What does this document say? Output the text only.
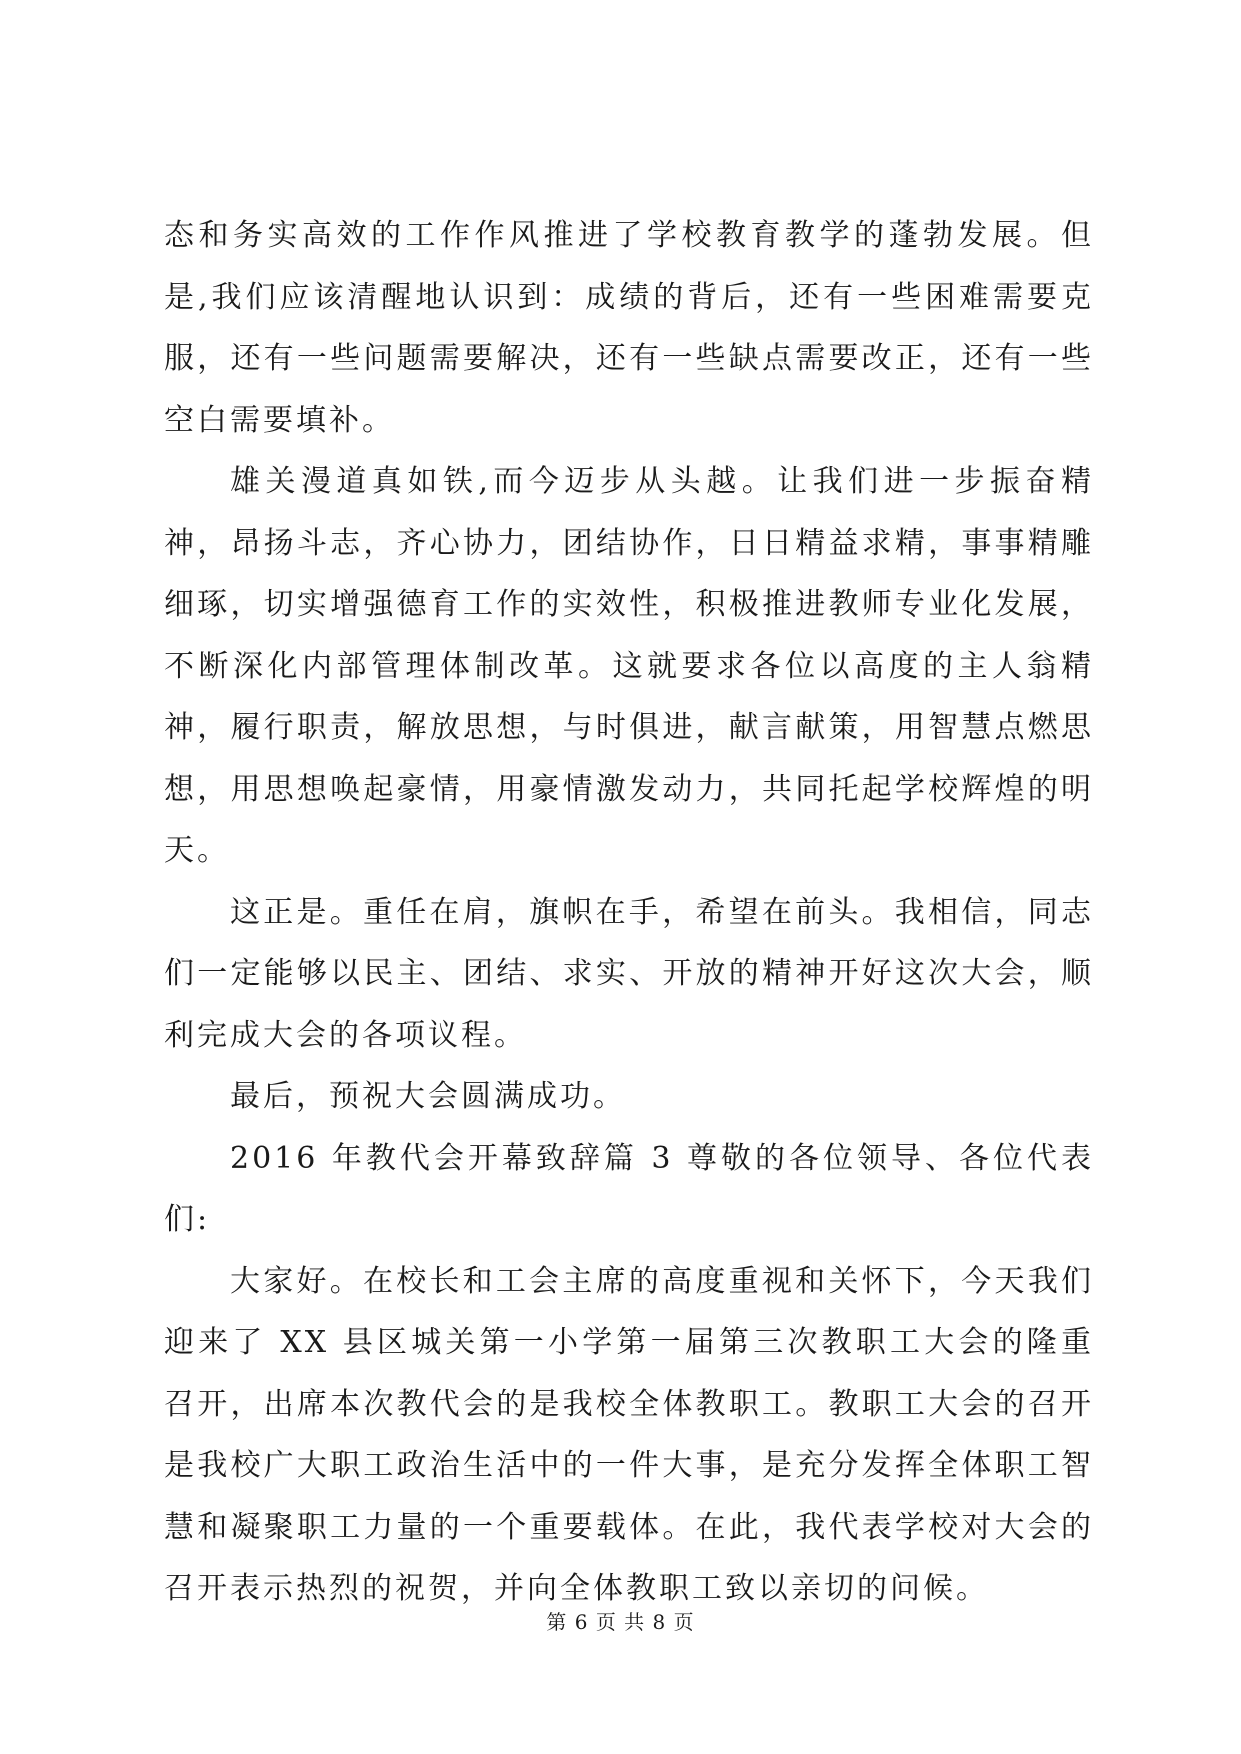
态和务实高效的工作作风推进了学校教育教学的蓬勃发展。但是,我们应该清醒地认识到：成绩的背后，还有一些困难需要克服，还有一些问题需要解决，还有一些缺点需要改正，还有一些空白需要填补。

雄关漫道真如铁,而今迈步从头越。让我们进一步振奋精神，昂扬斗志，齐心协力，团结协作，日日精益求精，事事精雕细琢，切实增强德育工作的实效性，积极推进教师专业化发展，不断深化内部管理体制改革。这就要求各位以高度的主人翁精神，履行职责，解放思想，与时俱进，献言献策，用智慧点燃思想，用思想唤起豪情，用豪情激发动力，共同托起学校辉煌的明天。

这正是。重任在肩，旗帜在手，希望在前头。我相信，同志们一定能够以民主、团结、求实、开放的精神开好这次大会，顺利完成大会的各项议程。

最后，预祝大会圆满成功。

2016 年教代会开幕致辞篇 3 尊敬的各位领导、各位代表们:

大家好。在校长和工会主席的高度重视和关怀下，今天我们迎来了 XX 县区城关第一小学第一届第三次教职工大会的隆重召开，出席本次教代会的是我校全体教职工。教职工大会的召开是我校广大职工政治生活中的一件大事，是充分发挥全体职工智慧和凝聚职工力量的一个重要载体。在此，我代表学校对大会的召开表示热烈的祝贺，并向全体教职工致以亲切的问候。

第 6 页 共 8 页
